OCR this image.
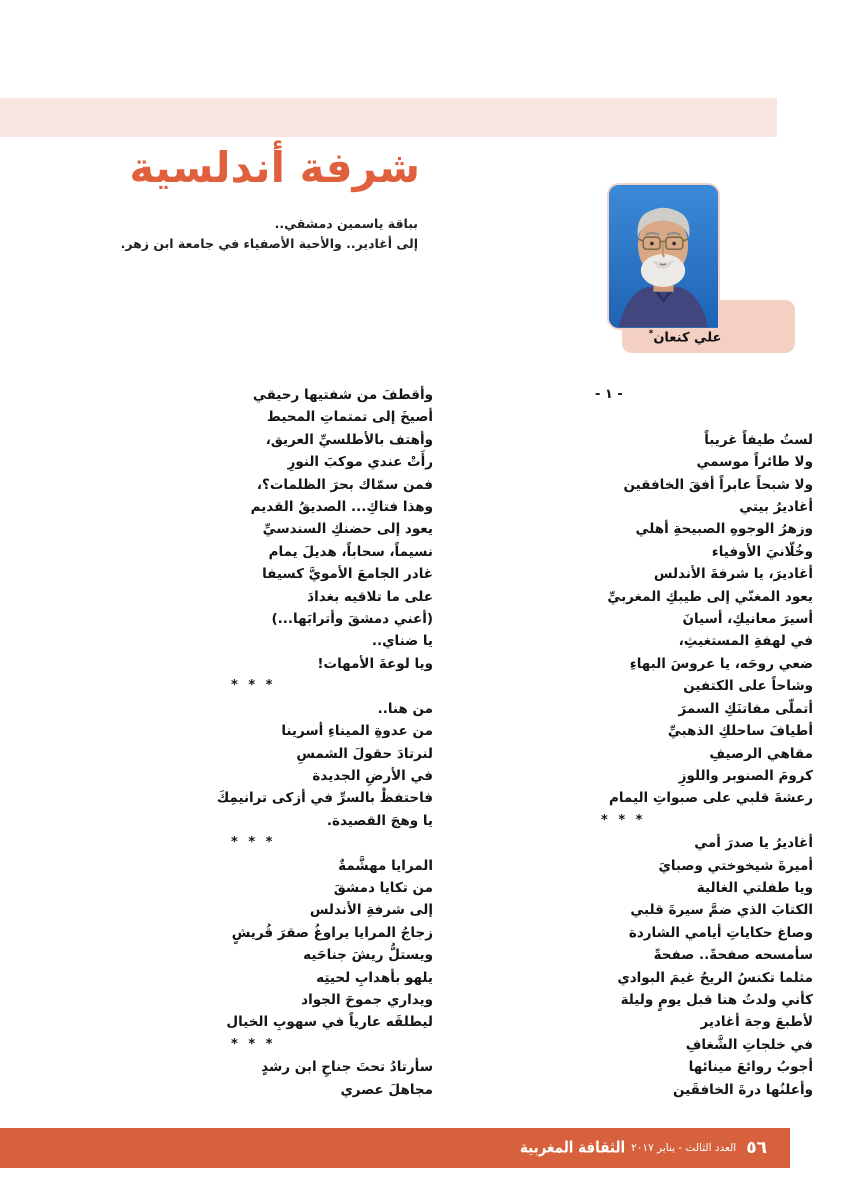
شرفة أندلسية
بباقة ياسمين دمشقي..
إلى أغادير.. والأحبة الأصفياء في جامعة ابن زهر.
علي كنعان*
- ١ -

لستُ طيفاً غريباً
ولا طائراً موسمي
ولا شبحاً عابراً أفقَ الخافقين
أغاديرُ بيتي
وزهرُ الوجوهِ الصبيحةِ أهلي
وخُلّانيَ الأوفياء
أغاديرَ، يا شرفةَ الأندلس
يعود المغنّي إلى طيبكِ المغربيِّ
أسيرَ معانيكِ، أسيانَ
في لهفةِ المستغيثِ،
ضعي روحَه، يا عروسَ البهاءِ
وشاحاً على الكتفين
أتملّى مفاتنَكِ السمرَ
أطيافَ ساحلكِ الذهبيِّ
مقاهي الرصيفِ
كرومَ الصنوبر واللوزِ
رعشةَ قلبي على صبواتِ اليمام
* * *
أغاديرُ يا صدرَ أمي
أميرةَ شيخوختي وصبايَ
ويا طفلتي الغالية
الكتابَ الذي ضمَّ سيرةَ قلبي
وصاغ حكاياتِ أيامي الشاردة
سأمسحه صفحةً.. صفحةً
مثلما تكنسُ الريحُ غيمَ البوادي
كأني ولدتُ هنا قبل يومٍ وليلة
لأطبعَ وجهَ أغادير
في خلجاتِ الشَّغافِ
أجوبُ روائعَ مينائها
وأعلنُها درةَ الخافقَين
وأقطفَ من شفتيها رحيقي
أصيخَ إلى تمتماتِ المحيط
وأهتف بالأطلسيِّ العريق،
رأَتْ عندي موكبَ النورِ
فمن سمّاك بحرَ الظلمات؟،
وهذا فتاكِ... الصديقُ القديم
يعود إلى حضنكِ السندسيِّ
نسيماً، سحاباً، هديلَ يمام
غادر الجامعَ الأمويَّ كسيفا
على ما تلاقيه بغدادَ
(أعني دمشقَ وأترابَها...)
يا ضناي..
ويا لوعةَ الأمهات!
* * *
من هنا..
من عدوةِ الميناءِ أسرينا
لنرتادَ حقولَ الشمسِ
في الأرضِ الجديدة
فاحتفظْ بالسرِّ في أزكى ترانيمِكَ
يا وهجَ القصيدة.
* * *
المرايا مهشَّمةٌ
من تكايا دمشقَ
إلى شرفةِ الأندلس
زجاجُ المرايا يراوغُ صقرَ قُريشٍ
ويستلُّ ريشَ جناحَيه
يلهو بأهدابِ لحيتِه
ويداري جموحَ الجواد
ليطلقَه عارياً في سهوبِ الخيال
* * *
سأرتادُ تحتَ جناحِ ابن رشدٍ
مجاهلَ عصري
٥٦
العدد الثالث - يناير ٢٠١٧
الثقافة المغربية
